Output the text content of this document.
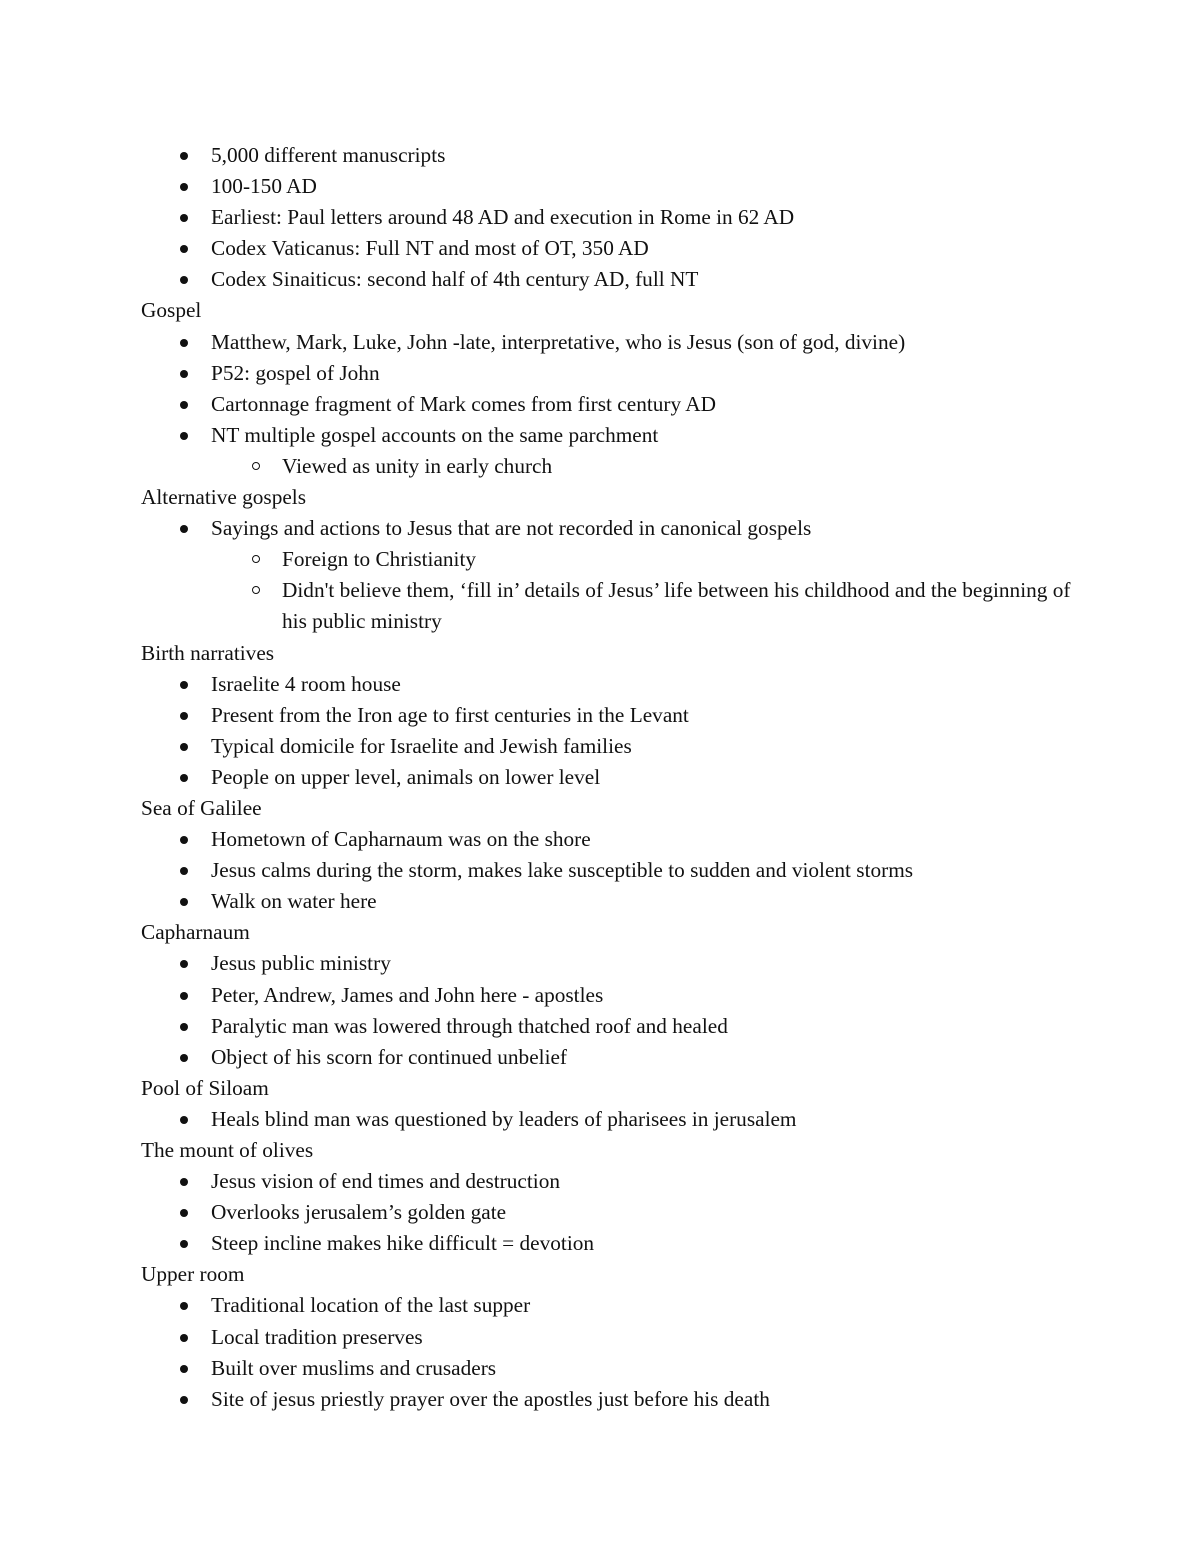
5,000 different manuscripts
100-150 AD
Earliest: Paul letters around 48 AD and execution in Rome in 62 AD
Codex Vaticanus: Full NT and most of OT, 350 AD
Codex Sinaiticus: second half of 4th century AD, full NT
Gospel
Matthew, Mark, Luke, John -late, interpretative, who is Jesus (son of god, divine)
P52: gospel of John
Cartonnage fragment of Mark comes from first century AD
NT multiple gospel accounts on the same parchment
Viewed as unity in early church
Alternative gospels
Sayings and actions to Jesus that are not recorded in canonical gospels
Foreign to Christianity
Didn't believe them, ‘fill in’ details of Jesus’ life between his childhood and the beginning of his public ministry
Birth narratives
Israelite 4 room house
Present from the Iron age to first centuries in the Levant
Typical domicile for Israelite and Jewish families
People on upper level, animals on lower level
Sea of Galilee
Hometown of Capharnaum was on the shore
Jesus calms during the storm, makes lake susceptible to sudden and violent storms
Walk on water here
Capharnaum
Jesus public ministry
Peter, Andrew, James and John here - apostles
Paralytic man was lowered through thatched roof and healed
Object of his scorn for continued unbelief
Pool of Siloam
Heals blind man was questioned by leaders of pharisees in jerusalem
The mount of olives
Jesus vision of end times and destruction
Overlooks jerusalem’s golden gate
Steep incline makes hike difficult = devotion
Upper room
Traditional location of the last supper
Local tradition preserves
Built over muslims and crusaders
Site of jesus priestly prayer over the apostles just before his death
